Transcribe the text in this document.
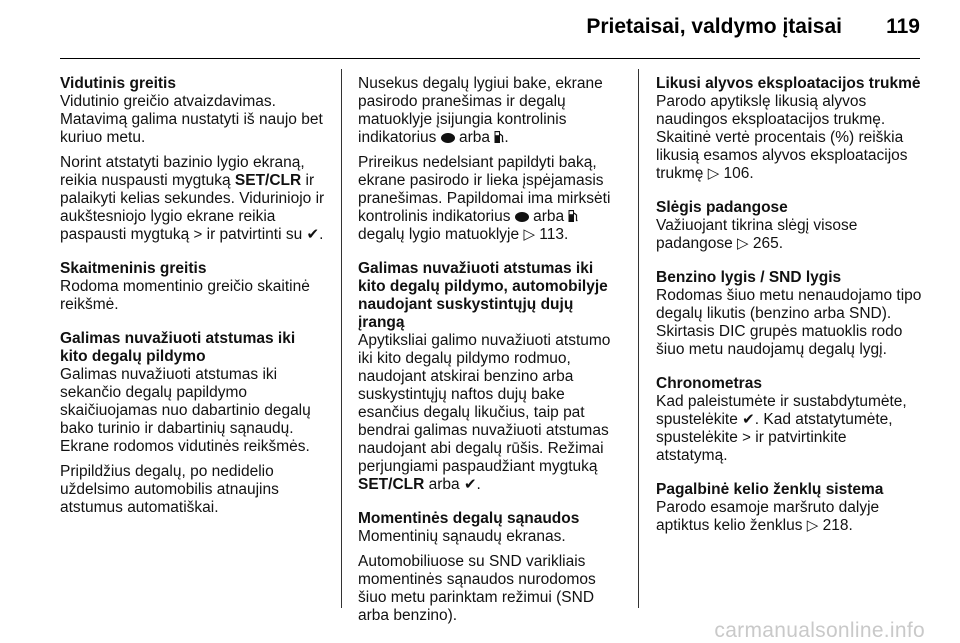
Prietaisai, valdymo įtaisai 119

Vidutinis greitis

Vidutinio greičio atvaizdavimas. Matavimą galima nustatyti iš naujo bet kuriuo metu.

Norint atstatyti bazinio lygio ekraną, reikia nuspausti mygtuką SET/CLR ir palaikyti kelias sekundes. Viduriniojo ir aukštesniojo lygio ekrane reikia paspausti mygtuką > ir patvirtinti su ✔.

Skaitmeninis greitis

Rodoma momentinio greičio skaitinė reikšmė.

Galimas nuvažiuoti atstumas iki kito degalų pildymo

Galimas nuvažiuoti atstumas iki sekančio degalų papildymo skaičiuojamas nuo dabartinio degalų bako turinio ir dabartinių sąnaudų. Ekrane rodomos vidutinės reikšmės.

Pripildžius degalų, po nedidelio uždelsimo automobilis atnaujins atstumus automatiškai.

Nusekus degalų lygiui bake, ekrane pasirodo pranešimas ir degalų matuoklyje įsijungia kontrolinis indikatorius  arba .

Prireikus nedelsiant papildyti baką, ekrane pasirodo ir lieka įspėjamasis pranešimas. Papildomai ima mirksėti kontrolinis indikatorius  arba  degalų lygio matuoklyje ▷ 113.

Galimas nuvažiuoti atstumas iki kito degalų pildymo, automobilyje naudojant suskystintųjų dujų įrangą

Apytiksliai galimo nuvažiuoti atstumo iki kito degalų pildymo rodmuo, naudojant atskirai benzino arba suskystintųjų naftos dujų bake esančius degalų likučius, taip pat bendrai galimas nuvažiuoti atstumas naudojant abi degalų rūšis. Režimai perjungiami paspaudžiant mygtuką SET/CLR arba ✔.

Momentinės degalų sąnaudos

Momentinių sąnaudų ekranas.

Automobiliuose su SND varikliais momentinės sąnaudos nurodomos šiuo metu parinktam režimui (SND arba benzino).

Likusi alyvos eksploatacijos trukmė

Parodo apytikslę likusią alyvos naudingos eksploatacijos trukmę. Skaitinė vertė procentais (%) reiškia likusią esamos alyvos eksploatacijos trukmę ▷ 106.

Slėgis padangose

Važiuojant tikrina slėgį visose padangose ▷ 265.

Benzino lygis / SND lygis

Rodomas šiuo metu nenaudojamo tipo degalų likutis (benzino arba SND). Skirtasis DIC grupės matuoklis rodo šiuo metu naudojamų degalų lygį.

Chronometras

Kad paleistumėte ir sustabdytumėte, spustelėkite ✔. Kad atstatytumėte, spustelėkite > ir patvirtinkite atstatymą.

Pagalbinė kelio ženklų sistema

Parodo esamoje maršruto dalyje aptiktus kelio ženklus ▷ 218.

carmanualsonline.info
